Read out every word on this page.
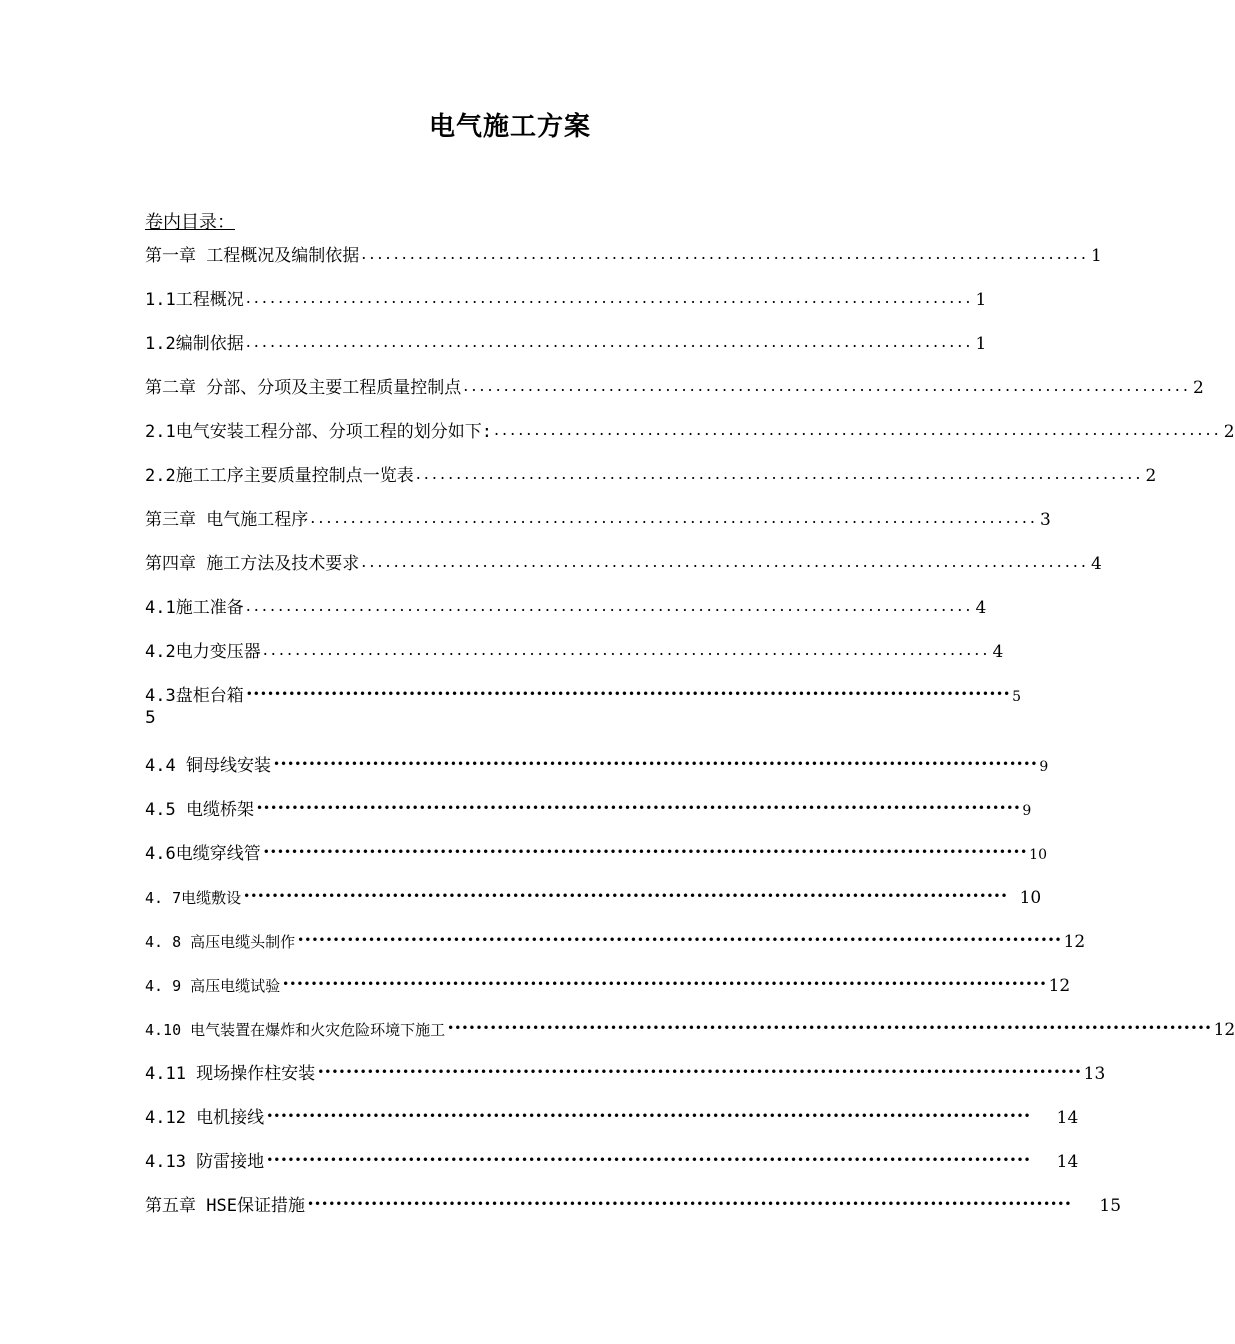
电气施工方案
卷内目录：
第一章 工程概况及编制依据 .......................................................................................... 1
1.1工程概况 .......................................................................................... 1
1.2编制依据 .......................................................................................... 1
第二章 分部、分项及主要工程质量控制点 .......................................................................................... 2
2.1电气安装工程分部、分项工程的划分如下: .......................................................................................... 2
2.2施工工序主要质量控制点一览表 .......................................................................................... 2
第三章 电气施工程序 .......................................................................................... 3
第四章 施工方法及技术要求 .......................................................................................... 4
4.1施工准备 .......................................................................................... 4
4.2电力变压器 .......................................................................................... 4
4.3盘柜台箱 •••••••••••••••••••••••••••••••••••••••••••••••••••••••••••••••••••••••••••••••••••••••••••••••••••••••••••• 5
5
4.4 铜母线安装 •••••••••••••••••••••••••••••••••••••••••••••••••••••••••••••••••••••••••••••••••••••••••••••••••••••••••••• 9
4.5 电缆桥架 •••••••••••••••••••••••••••••••••••••••••••••••••••••••••••••••••••••••••••••••••••••••••••••••••••••••••••• 9
4.6电缆穿线管 •••••••••••••••••••••••••••••••••••••••••••••••••••••••••••••••••••••••••••••••••••••••••••••••••••••••••••• 10
4. 7电缆敷设 •••••••••••••••••••••••••••••••••••••••••••••••••••••••••••••••••••••••••••••••••••••••••••••••••••••••••••• 10
4. 8 高压电缆头制作 •••••••••••••••••••••••••••••••••••••••••••••••••••••••••••••••••••••••••••••••••••••••••••••••••••••••••••• 12
4. 9 高压电缆试验 •••••••••••••••••••••••••••••••••••••••••••••••••••••••••••••••••••••••••••••••••••••••••••••••••••••••••••• 12
4.10 电气装置在爆炸和火灾危险环境下施工 •••••••••••••••••••••••••••••••••••••••••••••••••••••••••••••••••••••••••••••••••••••••••••••••••••••••••••• 12
4.11 现场操作柱安装 •••••••••••••••••••••••••••••••••••••••••••••••••••••••••••••••••••••••••••••••••••••••••••••••••••••••••••• 13
4.12 电机接线 •••••••••••••••••••••••••••••••••••••••••••••••••••••••••••••••••••••••••••••••••••••••••••••••••••••••••••• 14
4.13 防雷接地 •••••••••••••••••••••••••••••••••••••••••••••••••••••••••••••••••••••••••••••••••••••••••••••••••••••••••••• 14
第五章 HSE保证措施 •••••••••••••••••••••••••••••••••••••••••••••••••••••••••••••••••••••••••••••••••••••••••••••••••••••••••••• 15
